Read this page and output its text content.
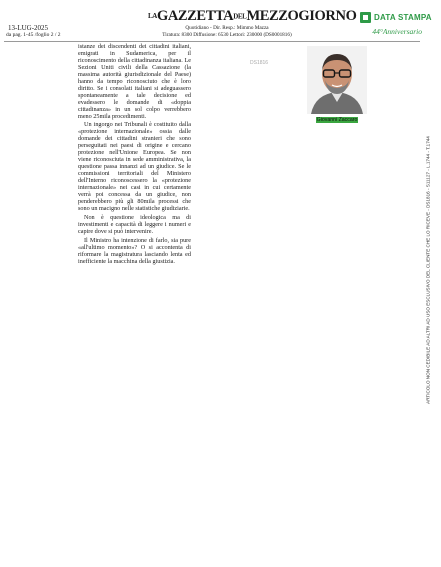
13-LUG-2025
da pag. 1-45 /foglio 2 / 2
$^{LA}$GAZZETTADELMEZZOGIORNO
Quotidiano - Dir. Resp.: Mimmo Mazza
Tiratura: 8300 Diffusione: 6530 Lettori: 230000 (DS0001816)
DATA STAMPA
44°Anniversario

istanze dei discendenti dei cittadini italiani, emigrati in Sudamerica, per il riconoscimento della cittadinanza italiana. Le Sezioni Uniti civili della Cassazione (la massima autorità giurisdizionale del Paese) hanno da tempo riconosciuto che è loro diritto. Se i consolati italiani si adeguassero spontaneamente a tale decisione ed evadessero le domande di «doppia cittadinanza» in un sol colpo verrebbero meno 25mila procedimenti.

Un ingorgo nei Tribunali è costituito dalla «protezione internazionale» ossia dalle domande dei cittadini stranieri che sono perseguitati nei paesi di origine e cercano protezione nell'Unione Europea. Se non viene riconosciuta in sede amministrativa, la questione passa innanzi ad un giudice. Se le commissioni territoriali del Ministero dell'Interno riconoscessero la «protezione internazionale» nei casi in cui certamente verrà poi concessa da un giudice, non penderebbero più gli 80mila processi che sono un macigno nelle statistiche giudiziarie.

Non è questione ideologica ma di investimenti e capacità di leggere i numeri e capire dove si può intervenire.

Il Ministro ha intenzione di farlo, sia pure «all'ultimo momento»? O si accontenta di riformare la magistratura lasciando lenta ed inefficiente la macchina della giustizia.

DS1816
Giovanni Zaccaro
ARTICOLO NON CEDIBILE AD ALTRI AD USO ESCLUSIVO DEL CLIENTE CHE LO RICEVE - DS1816 - S11127 - L.1744 - T.1744
